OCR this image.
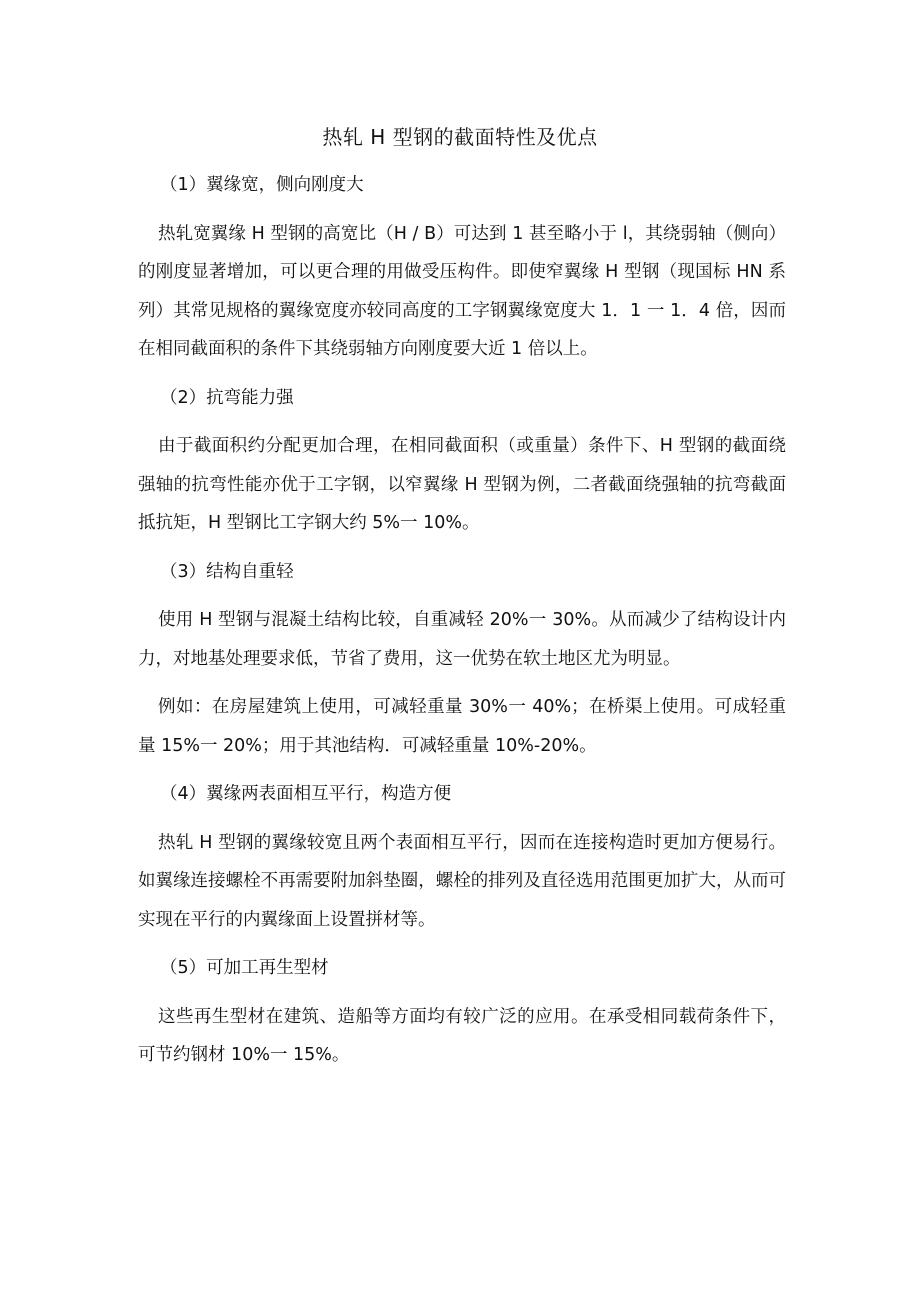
热轧 H 型钢的截面特性及优点
（1）翼缘宽，侧向刚度大
热轧宽翼缘 H 型钢的高宽比（H / B）可达到 1 甚至略小于 l，其绕弱轴（侧向）的刚度显著增加，可以更合理的用做受压构件。即使窄翼缘 H 型钢（现国标 HN 系列）其常见规格的翼缘宽度亦较同高度的工字钢翼缘宽度大 1．1 一 1．4 倍，因而在相同截面积的条件下其绕弱轴方向刚度要大近 1 倍以上。
（2）抗弯能力强
由于截面积约分配更加合理，在相同截面积（或重量）条件下、H 型钢的截面绕强轴的抗弯性能亦优于工字钢，以窄翼缘 H 型钢为例，二者截面绕强轴的抗弯截面抵抗矩，H 型钢比工字钢大约 5%一 10%。
（3）结构自重轻
使用 H 型钢与混凝土结构比较，自重减轻 20%一 30%。从而减少了结构设计内力，对地基处理要求低，节省了费用，这一优势在软土地区尤为明显。
例如：在房屋建筑上使用，可减轻重量 30%一 40%；在桥渠上使用。可成轻重量 15%一 20%；用于其池结构．可减轻重量 10%-20%。
（4）翼缘两表面相互平行，构造方便
热轧 H 型钢的翼缘较宽且两个表面相互平行，因而在连接构造时更加方便易行。如翼缘连接螺栓不再需要附加斜垫圈，螺栓的排列及直径选用范围更加扩大，从而可实现在平行的内翼缘面上设置拼材等。
（5）可加工再生型材
这些再生型材在建筑、造船等方面均有较广泛的应用。在承受相同载荷条件下，可节约钢材 10%一 15%。
